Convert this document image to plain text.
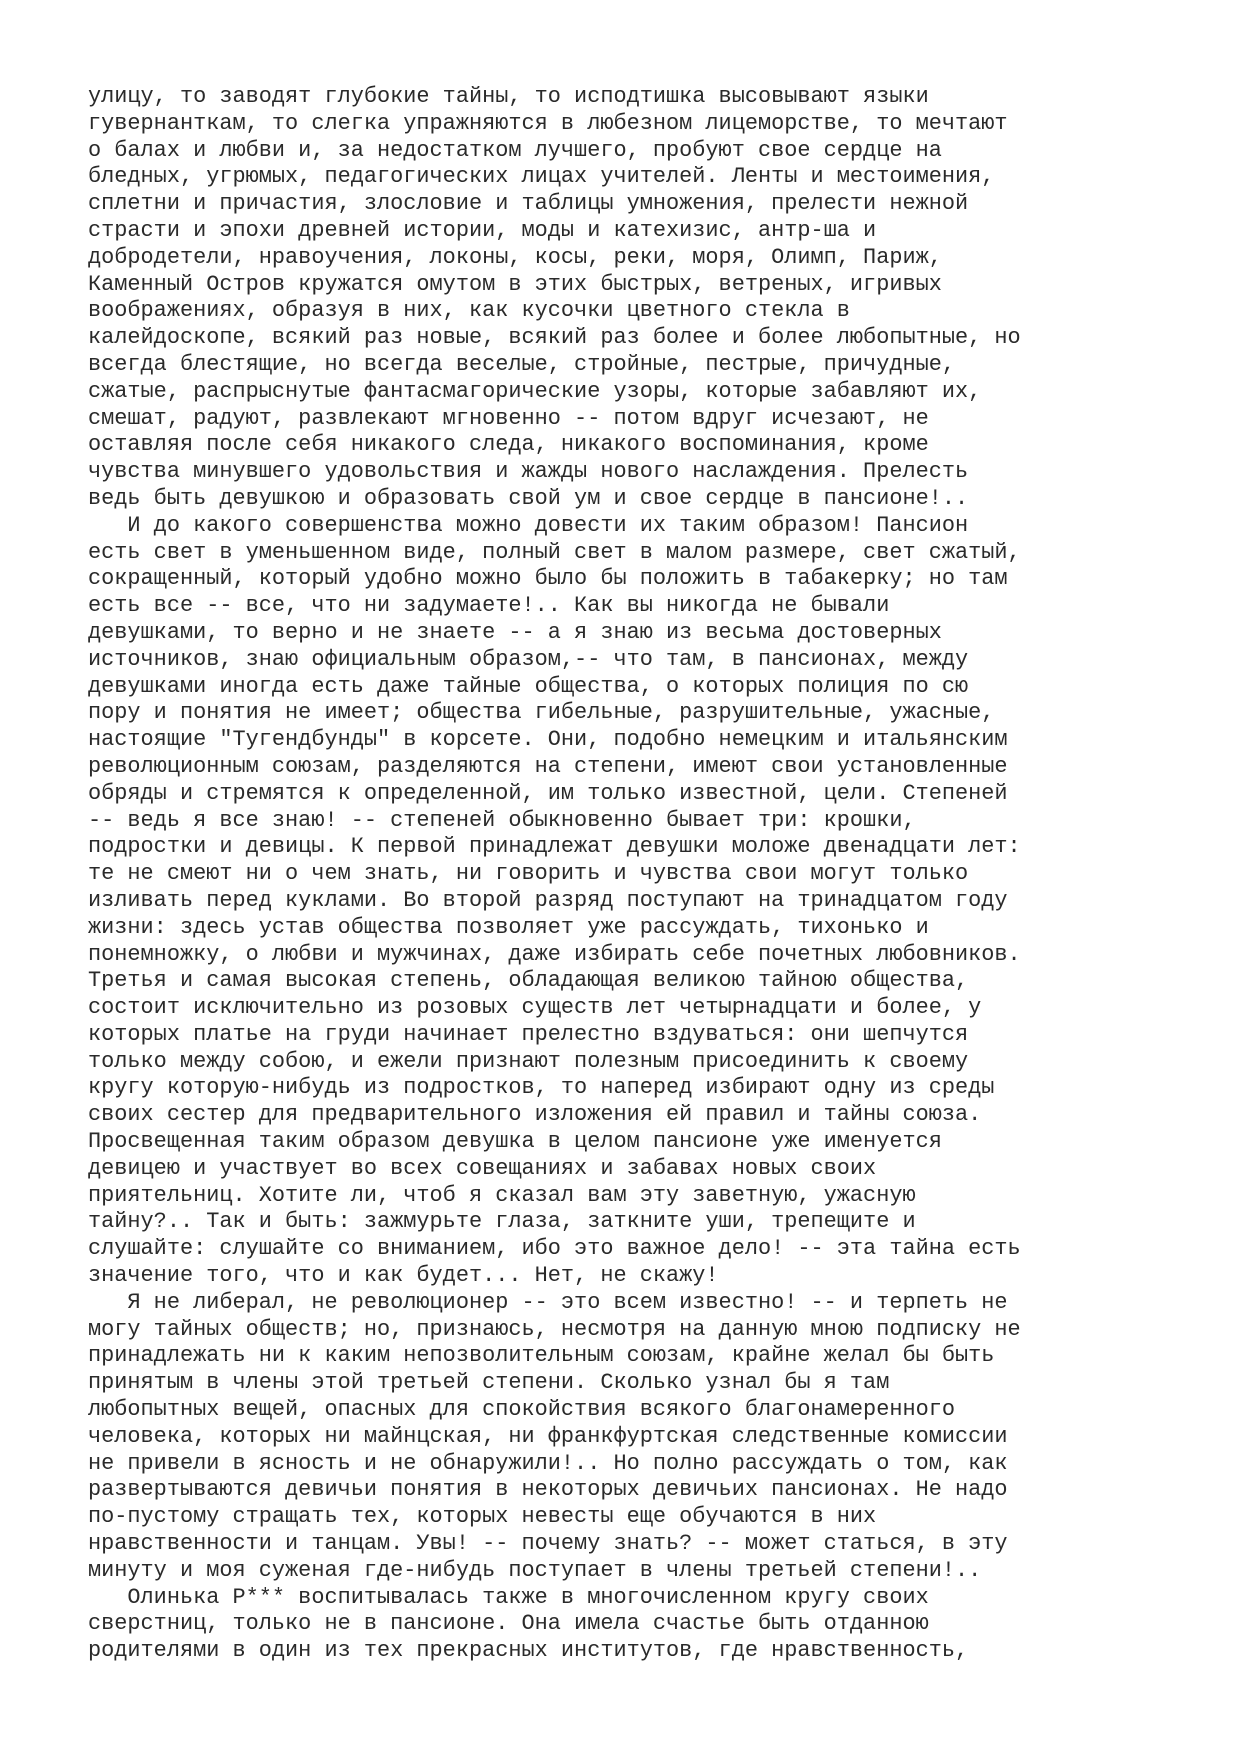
улицу, то заводят глубокие тайны, то исподтишка высовывают языки
гувернанткам, то слегка упражняются в любезном лицеморстве, то мечтают
о балах и любви и, за недостатком лучшего, пробуют свое сердце на
бледных, угрюмых, педагогических лицах учителей. Ленты и местоимения,
сплетни и причастия, злословие и таблицы умножения, прелести нежной
страсти и эпохи древней истории, моды и катехизис, антр-ша и
добродетели, нравоучения, локоны, косы, реки, моря, Олимп, Париж,
Каменный Остров кружатся омутом в этих быстрых, ветреных, игривых
воображениях, образуя в них, как кусочки цветного стекла в
калейдоскопе, всякий раз новые, всякий раз более и более любопытные, но
всегда блестящие, но всегда веселые, стройные, пестрые, причудные,
сжатые, распрыснутые фантасмагорические узоры, которые забавляют их,
смешат, радуют, развлекают мгновенно -- потом вдруг исчезают, не
оставляя после себя никакого следа, никакого воспоминания, кроме
чувства минувшего удовольствия и жажды нового наслаждения. Прелесть
ведь быть девушкою и образовать свой ум и свое сердце в пансионе!..
И до какого совершенства можно довести их таким образом! Пансион
есть свет в уменьшенном виде, полный свет в малом размере, свет сжатый,
сокращенный, который удобно можно было бы положить в табакерку; но там
есть все -- все, что ни задумаете!.. Как вы никогда не бывали
девушками, то верно и не знаете -- а я знаю из весьма достоверных
источников, знаю официальным образом,-- что там, в пансионах, между
девушками иногда есть даже тайные общества, о которых полиция по сю
пору и понятия не имеет; общества гибельные, разрушительные, ужасные,
настоящие "Тугендбунды" в корсете. Они, подобно немецким и итальянским
революционным союзам, разделяются на степени, имеют свои установленные
обряды и стремятся к определенной, им только известной, цели. Степеней
-- ведь я все знаю! -- степеней обыкновенно бывает три: крошки,
подростки и девицы. К первой принадлежат девушки моложе двенадцати лет:
те не смеют ни о чем знать, ни говорить и чувства свои могут только
изливать перед куклами. Во второй разряд поступают на тринадцатом году
жизни: здесь устав общества позволяет уже рассуждать, тихонько и
понемножку, о любви и мужчинах, даже избирать себе почетных любовников.
Третья и самая высокая степень, обладающая великою тайною общества,
состоит исключительно из розовых существ лет четырнадцати и более, у
которых платье на груди начинает прелестно вздуваться: они шепчутся
только между собою, и ежели признают полезным присоединить к своему
кругу которую-нибудь из подростков, то наперед избирают одну из среды
своих сестер для предварительного изложения ей правил и тайны союза.
Просвещенная таким образом девушка в целом пансионе уже именуется
девицею и участвует во всех совещаниях и забавах новых своих
приятельниц. Хотите ли, чтоб я сказал вам эту заветную, ужасную
тайну?.. Так и быть: зажмурьте глаза, заткните уши, трепещите и
слушайте: слушайте со вниманием, ибо это важное дело! -- эта тайна есть
значение того, что и как будет... Нет, не скажу!
Я не либерал, не революционер -- это всем известно! -- и терпеть не
могу тайных обществ; но, признаюсь, несмотря на данную мною подписку не
принадлежать ни к каким непозволительным союзам, крайне желал бы быть
принятым в члены этой третьей степени. Сколько узнал бы я там
любопытных вещей, опасных для спокойствия всякого благонамеренного
человека, которых ни майнцская, ни франкфуртская следственные комиссии
не привели в ясность и не обнаружили!.. Но полно рассуждать о том, как
развертываются девичьи понятия в некоторых девичьих пансионах. Не надо
по-пустому стращать тех, которых невесты еще обучаются в них
нравственности и танцам. Увы! -- почему знать? -- может статься, в эту
минуту и моя суженая где-нибудь поступает в члены третьей степени!..
Олинька Р*** воспитывалась также в многочисленном кругу своих
сверстниц, только не в пансионе. Она имела счастье быть отданною
родителями в один из тех прекрасных институтов, где нравственность,
